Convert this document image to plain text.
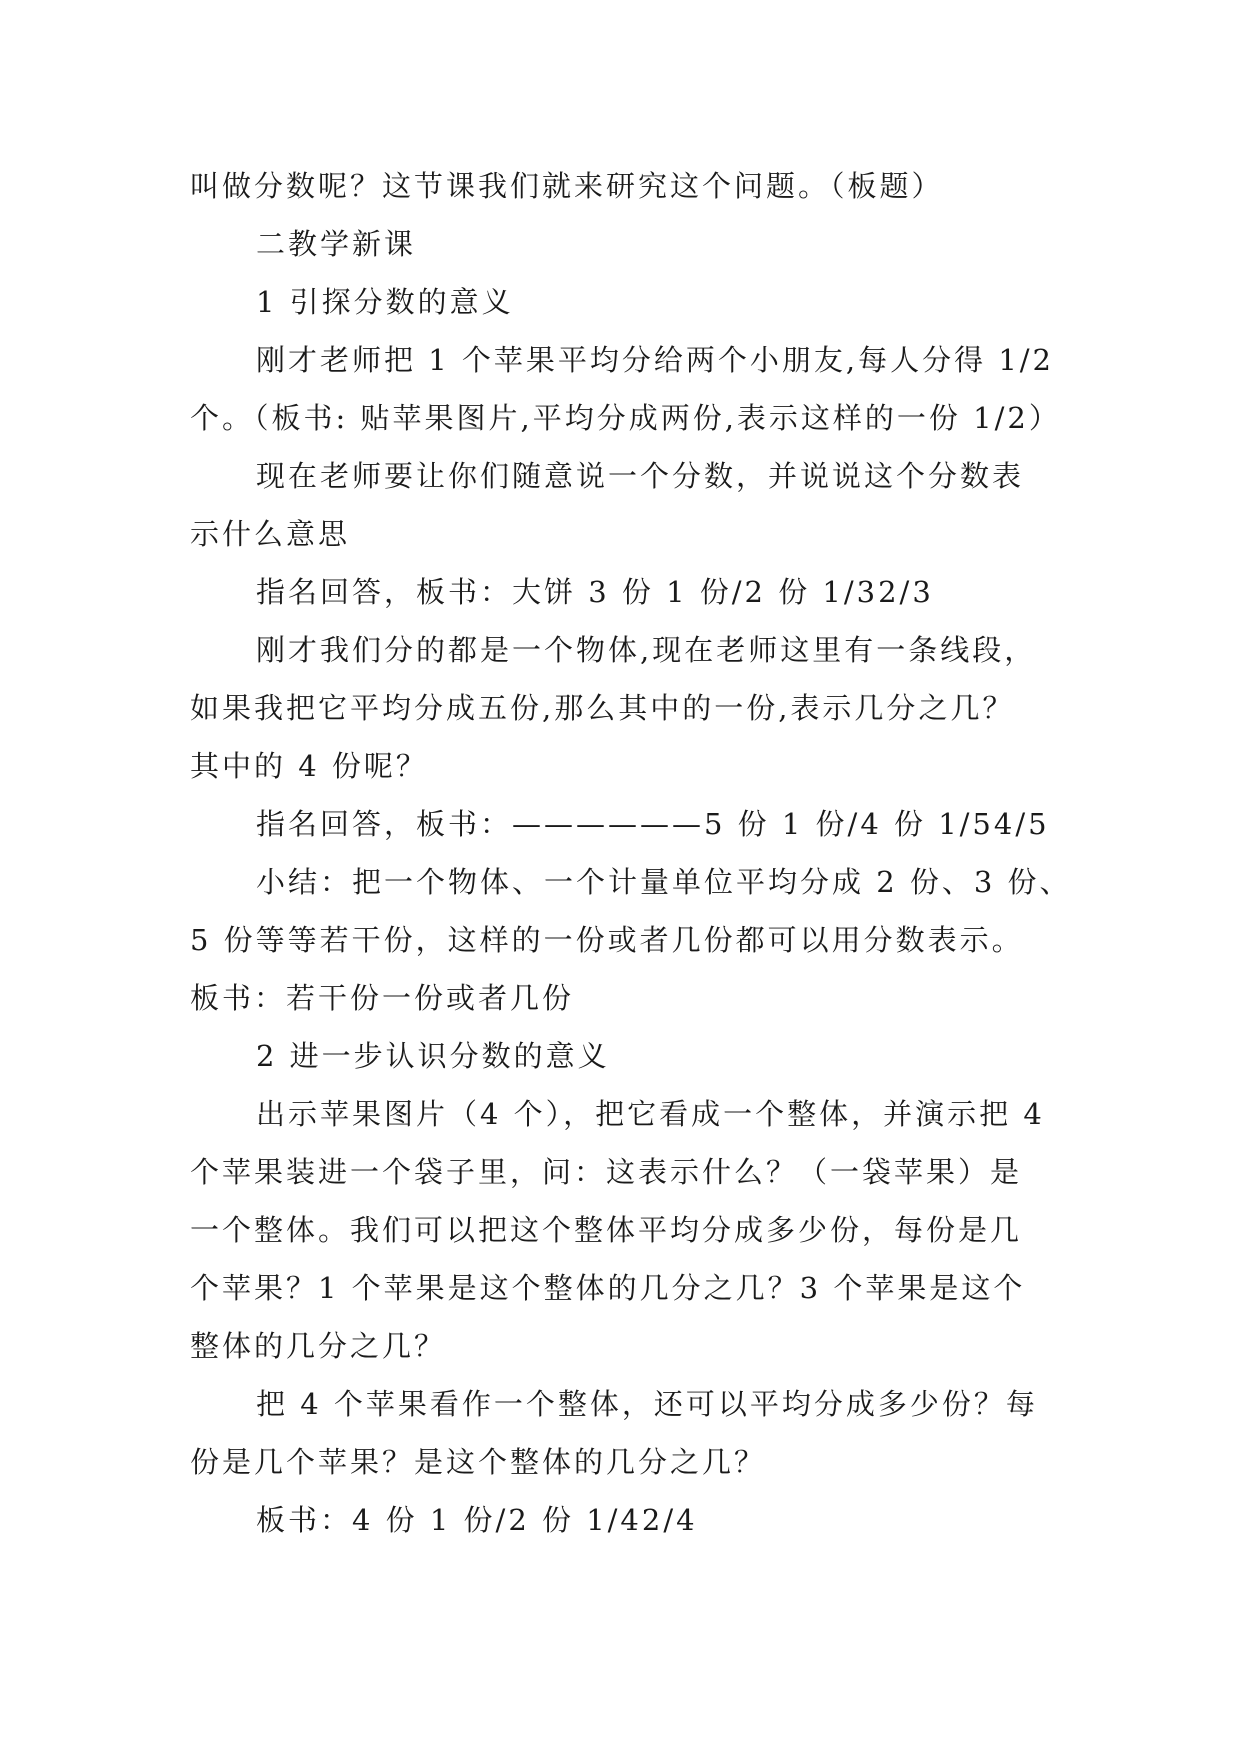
叫做分数呢？这节课我们就来研究这个问题。（板题）

二教学新课

1 引探分数的意义

刚才老师把 1 个苹果平均分给两个小朋友,每人分得 1/2
个。（板书: 贴苹果图片,平均分成两份,表示这样的一份 1/2）

现在老师要让你们随意说一个分数，并说说这个分数表
示什么意思

指名回答，板书：大饼 3 份 1 份/2 份 1/32/3

刚才我们分的都是一个物体,现在老师这里有一条线段，
如果我把它平均分成五份,那么其中的一份,表示几分之几？
其中的 4 份呢？

指名回答，板书：——————5 份 1 份/4 份 1/54/5

小结：把一个物体、一个计量单位平均分成 2 份、3 份、
5 份等等若干份，这样的一份或者几份都可以用分数表示。
板书：若干份一份或者几份

2 进一步认识分数的意义

出示苹果图片（4 个），把它看成一个整体，并演示把 4
个苹果装进一个袋子里，问：这表示什么？（一袋苹果）是
一个整体。我们可以把这个整体平均分成多少份，每份是几
个苹果？1 个苹果是这个整体的几分之几？3 个苹果是这个
整体的几分之几？

把 4 个苹果看作一个整体，还可以平均分成多少份？每
份是几个苹果？是这个整体的几分之几？

板书：4 份 1 份/2 份 1/42/4
